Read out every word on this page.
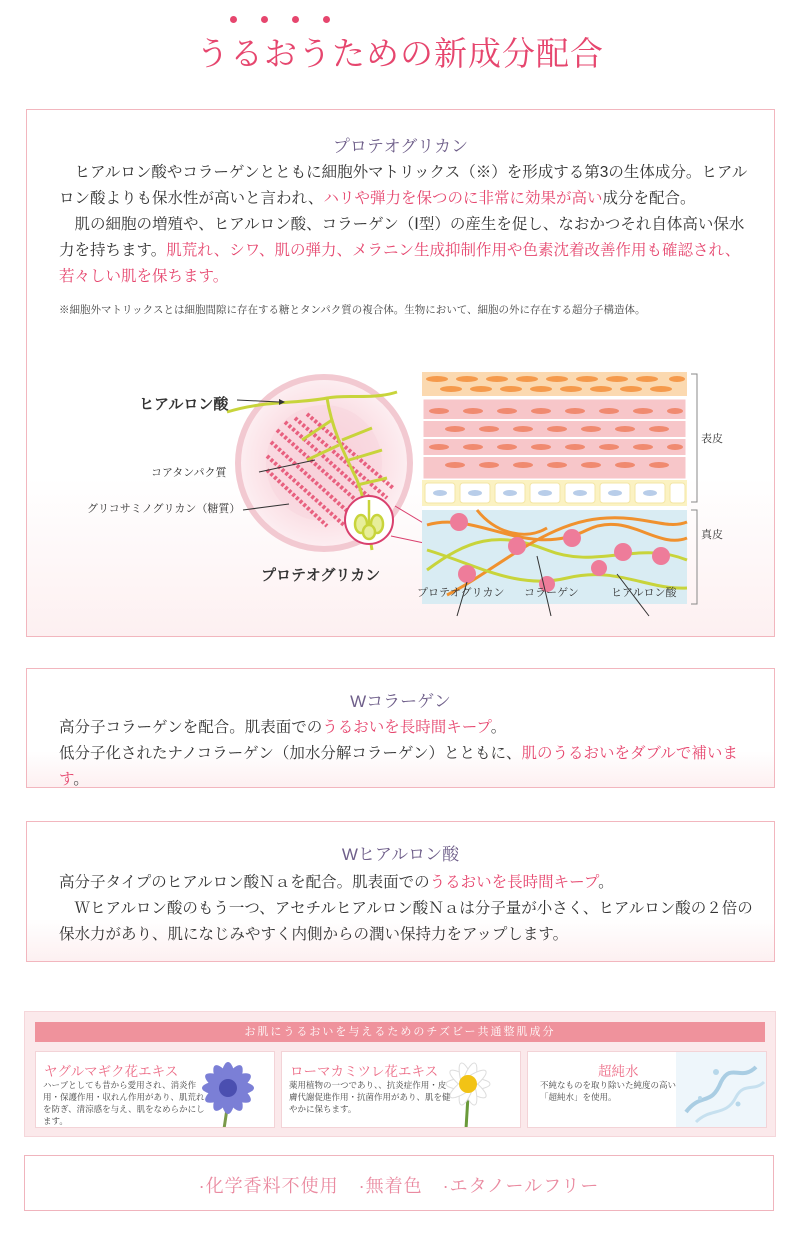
うるおうための新成分配合
プロテオグリカン

ヒアルロン酸やコラーゲンとともに細胞外マトリックス（※）を形成する第3の生体成分。ヒアルロン酸よりも保水性が高いと言われ、ハリや弾力を保つのに非常に効果が高い成分を配合。

肌の細胞の増殖や、ヒアルロン酸、コラーゲン（Ⅰ型）の産生を促し、なおかつそれ自体高い保水力を持ちます。肌荒れ、シワ、肌の弾力、メラニン生成抑制作用や色素沈着改善作用も確認され、若々しい肌を保ちます。

※細胞外マトリックスとは細胞間隙に存在する糖とタンパク質の複合体。生物において、細胞の外に存在する超分子構造体。
ヒアルロン酸
コアタンパク質
グリコサミノグリカン（糖質）
プロテオグリカン
表皮
真皮
プロテオグリカン コラーゲン	ヒアルロン酸
Wコラーゲン

高分子コラーゲンを配合。肌表面でのうるおいを長時間キープ。

低分子化されたナノコラーゲン（加水分解コラーゲン）とともに、肌のうるおいをダブルで補います。

Wヒアルロン酸

高分子タイプのヒアルロン酸Ｎａを配合。肌表面でのうるおいを長時間キープ。

Ｗヒアルロン酸のもう一つ、アセチルヒアルロン酸Ｎａは分子量が小さく、ヒアルロン酸の２倍の保水力があり、肌になじみやすく内側からの潤い保持力をアップします。

お肌にうるおいを与えるためのチズビー共通整肌成分
ヤグルマギク花エキス
ハーブとしても昔から愛用され、消炎作用・保護作用・収れん作用があり、肌荒れを防ぎ、清涼感を与え、肌をなめらかにします。
ローマカミツレ花エキス
薬用植物の一つであり、、抗炎症作用・皮膚代謝促進作用・抗菌作用があり、肌を健やかに保ちます。
超純水
不純なものを取り除いた純度の高い「超純水」を使用。
·化学香料不使用 ·無着色 ·エタノールフリー
